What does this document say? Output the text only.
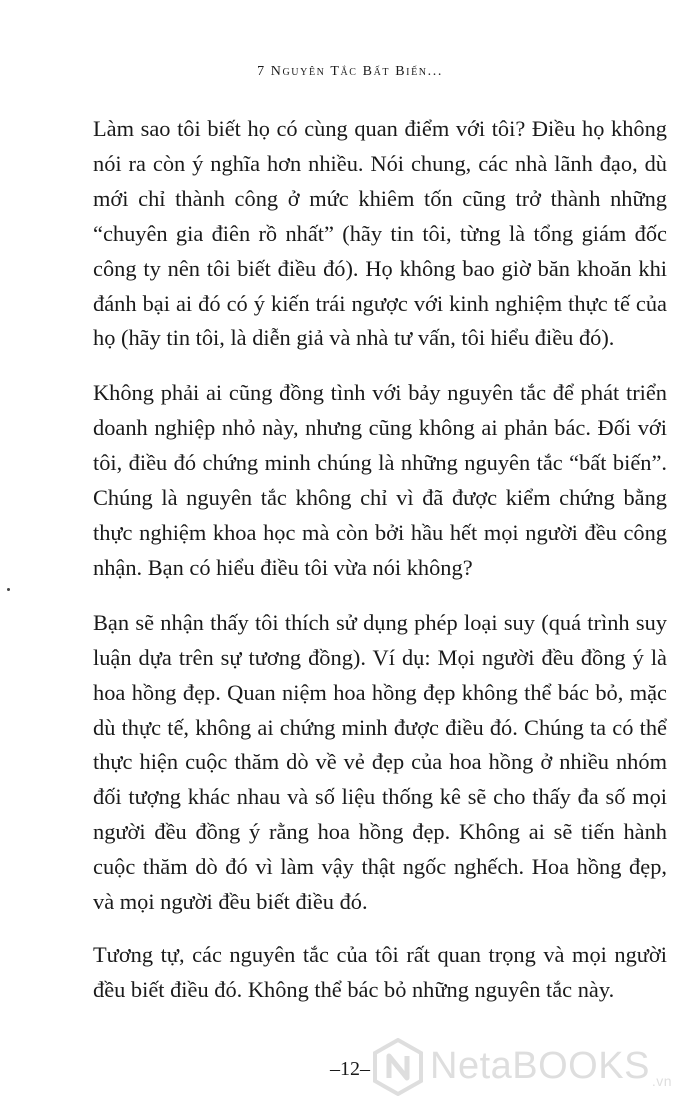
7 Nguyên Tắc Bất Biến...

Làm sao tôi biết họ có cùng quan điểm với tôi? Điều họ không nói ra còn ý nghĩa hơn nhiều. Nói chung, các nhà lãnh đạo, dù mới chỉ thành công ở mức khiêm tốn cũng trở thành những “chuyên gia điên rồ nhất” (hãy tin tôi, từng là tổng giám đốc công ty nên tôi biết điều đó). Họ không bao giờ băn khoăn khi đánh bại ai đó có ý kiến trái ngược với kinh nghiệm thực tế của họ (hãy tin tôi, là diễn giả và nhà tư vấn, tôi hiểu điều đó).

Không phải ai cũng đồng tình với bảy nguyên tắc để phát triển doanh nghiệp nhỏ này, nhưng cũng không ai phản bác. Đối với tôi, điều đó chứng minh chúng là những nguyên tắc “bất biến”. Chúng là nguyên tắc không chỉ vì đã được kiểm chứng bằng thực nghiệm khoa học mà còn bởi hầu hết mọi người đều công nhận. Bạn có hiểu điều tôi vừa nói không?

Bạn sẽ nhận thấy tôi thích sử dụng phép loại suy (quá trình suy luận dựa trên sự tương đồng). Ví dụ: Mọi người đều đồng ý là hoa hồng đẹp. Quan niệm hoa hồng đẹp không thể bác bỏ, mặc dù thực tế, không ai chứng minh được điều đó. Chúng ta có thể thực hiện cuộc thăm dò về vẻ đẹp của hoa hồng ở nhiều nhóm đối tượng khác nhau và số liệu thống kê sẽ cho thấy đa số mọi người đều đồng ý rằng hoa hồng đẹp. Không ai sẽ tiến hành cuộc thăm dò đó vì làm vậy thật ngốc nghếch. Hoa hồng đẹp, và mọi người đều biết điều đó.

Tương tự, các nguyên tắc của tôi rất quan trọng và mọi người đều biết điều đó. Không thể bác bỏ những nguyên tắc này.

–12–	NetaBOOKS $_{.vn}$
